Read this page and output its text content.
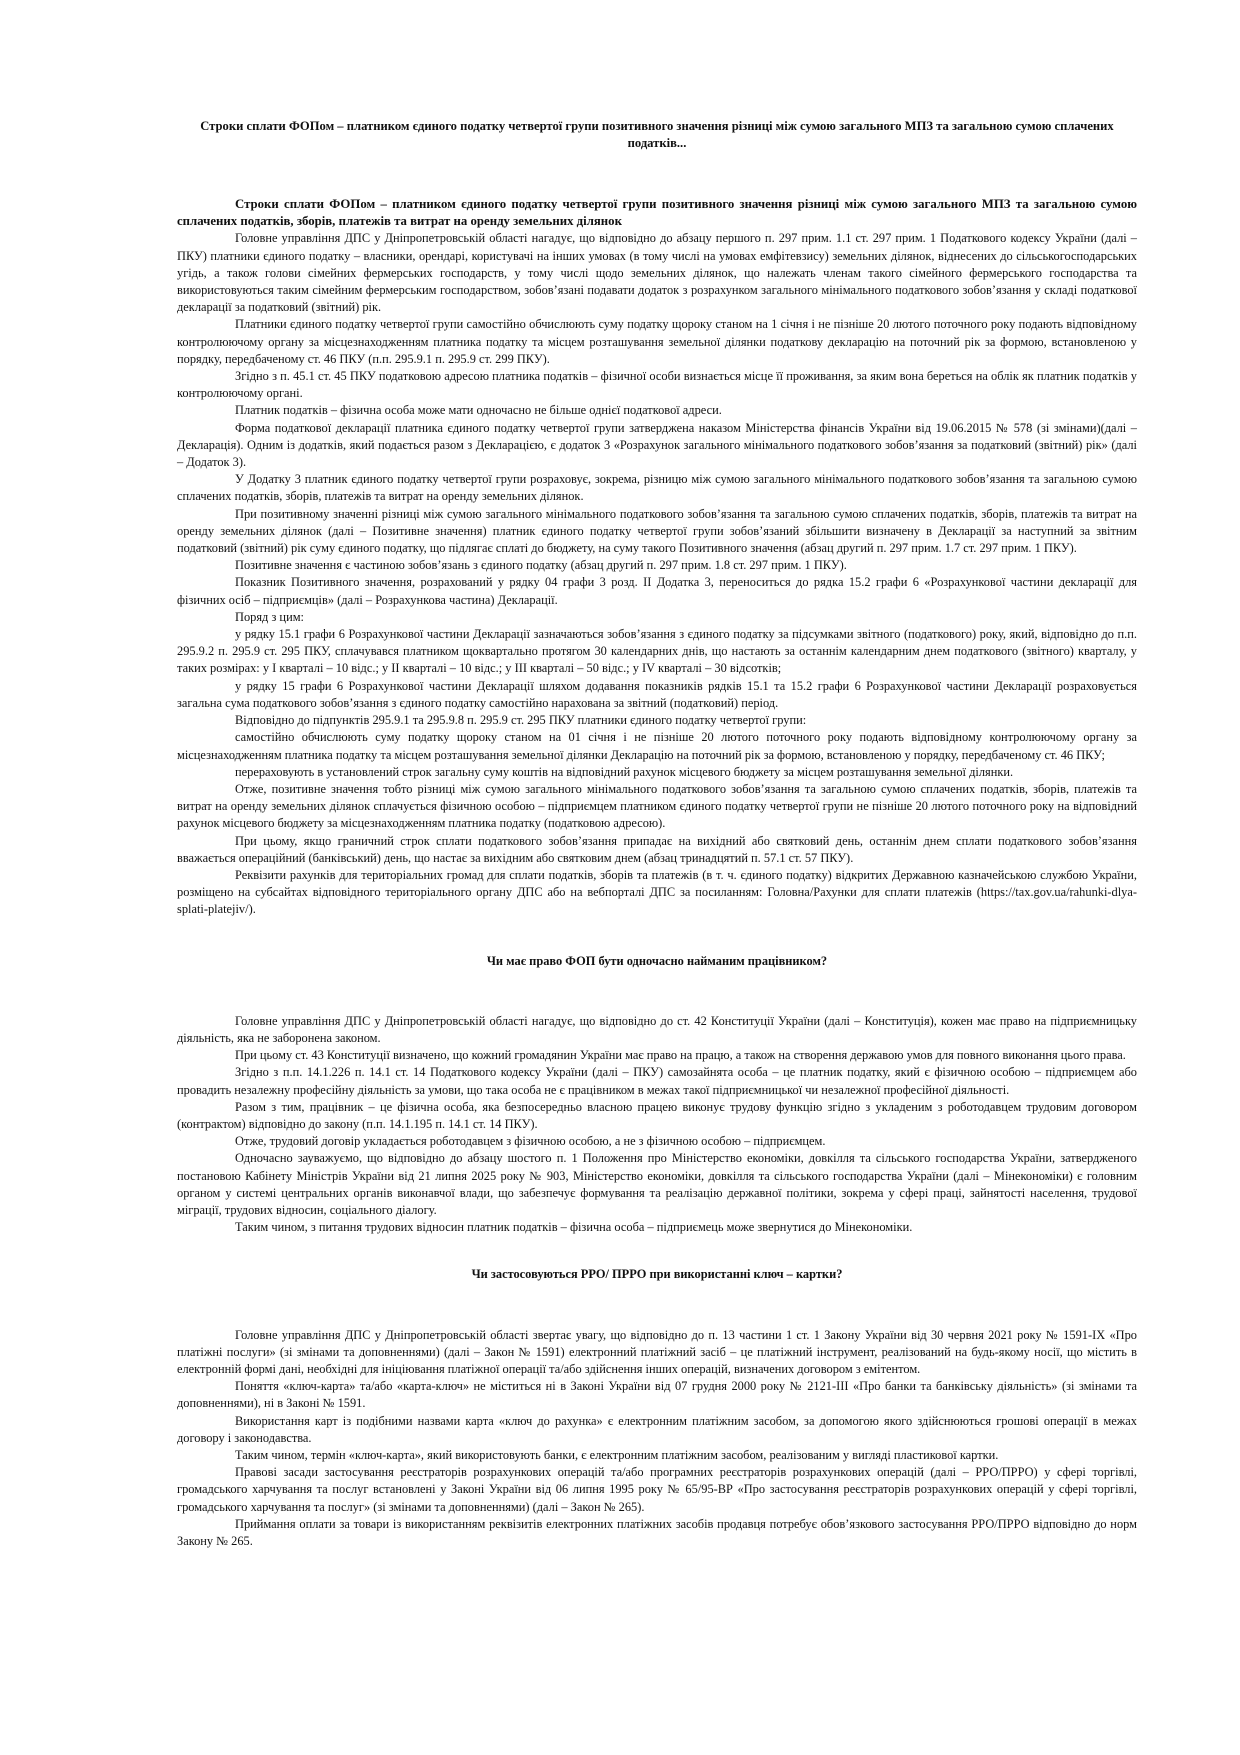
Строки сплати ФОПом – платником єдиного податку четвертої групи позитивного значення різниці між сумою загального МПЗ та загальною сумою сплачених податків...

Строки сплати ФОПом – платником єдиного податку четвертої групи позитивного значення різниці між сумою загального МПЗ та загальною сумою сплачених податків, зборів, платежів та витрат на оренду земельних ділянок

Головне управління ДПС у Дніпропетровській області нагадує, що відповідно до абзацу першого п. 297 прим. 1.1 ст. 297 прим. 1 Податкового кодексу України (далі – ПКУ) платники єдиного податку – власники, орендарі, користувачі на інших умовах (в тому числі на умовах емфітевзису) земельних ділянок, віднесених до сільськогосподарських угідь, а також голови сімейних фермерських господарств, у тому числі щодо земельних ділянок, що належать членам такого сімейного фермерського господарства та використовуються таким сімейним фермерським господарством, зобов’язані подавати додаток з розрахунком загального мінімального податкового зобов’язання у складі податкової декларації за податковий (звітний) рік.

Платники єдиного податку четвертої групи самостійно обчислюють суму податку щороку станом на 1 січня і не пізніше 20 лютого поточного року подають відповідному контролюючому органу за місцезнаходженням платника податку та місцем розташування земельної ділянки податкову декларацію на поточний рік за формою, встановленою у порядку, передбаченому ст. 46 ПКУ (п.п. 295.9.1 п. 295.9 ст. 299 ПКУ).

Згідно з п. 45.1 ст. 45 ПКУ податковою адресою платника податків – фізичної особи визнається місце її проживання, за яким вона береться на облік як платник податків у контролюючому органі.

Платник податків – фізична особа може мати одночасно не більше однієї податкової адреси.

Форма податкової декларації платника єдиного податку четвертої групи затверджена наказом Міністерства фінансів України від 19.06.2015 № 578 (зі змінами)(далі – Декларація). Одним із додатків, який подається разом з Декларацією, є додаток 3 «Розрахунок загального мінімального податкового зобов’язання за податковий (звітний) рік» (далі – Додаток 3).

У Додатку 3 платник єдиного податку четвертої групи розраховує, зокрема, різницю між сумою загального мінімального податкового зобов’язання та загальною сумою сплачених податків, зборів, платежів та витрат на оренду земельних ділянок.

При позитивному значенні різниці між сумою загального мінімального податкового зобов’язання та загальною сумою сплачених податків, зборів, платежів та витрат на оренду земельних ділянок (далі – Позитивне значення) платник єдиного податку четвертої групи зобов’язаний збільшити визначену в Декларації за наступний за звітним податковий (звітний) рік суму єдиного податку, що підлягає сплаті до бюджету, на суму такого Позитивного значення (абзац другий п. 297 прим. 1.7 ст. 297 прим. 1 ПКУ).

Позитивне значення є частиною зобов’язань з єдиного податку (абзац другий п. 297 прим. 1.8 ст. 297 прим. 1 ПКУ).

Показник Позитивного значення, розрахований у рядку 04 графи 3 розд. II Додатка 3, переноситься до рядка 15.2 графи 6 «Розрахункової частини декларації для фізичних осіб – підприємців» (далі – Розрахункова частина) Декларації.

Поряд з цим:

у рядку 15.1 графи 6 Розрахункової частини Декларації зазначаються зобов’язання з єдиного податку за підсумками звітного (податкового) року, який, відповідно до п.п. 295.9.2 п. 295.9 ст. 295 ПКУ, сплачувався платником щоквартально протягом 30 календарних днів, що настають за останнім календарним днем податкового (звітного) кварталу, у таких розмірах: у I кварталі – 10 відс.; у II кварталі – 10 відс.; у III кварталі – 50 відс.; у IV кварталі – 30 відсотків;

у рядку 15 графи 6 Розрахункової частини Декларації шляхом додавання показників рядків 15.1 та 15.2 графи 6 Розрахункової частини Декларації розраховується загальна сума податкового зобов’язання з єдиного податку самостійно нарахована за звітний (податковий) період.

Відповідно до підпунктів 295.9.1 та 295.9.8 п. 295.9 ст. 295 ПКУ платники єдиного податку четвертої групи:

самостійно обчислюють суму податку щороку станом на 01 січня і не пізніше 20 лютого поточного року подають відповідному контролюючому органу за місцезнаходженням платника податку та місцем розташування земельної ділянки Декларацію на поточний рік за формою, встановленою у порядку, передбаченому ст. 46 ПКУ;

перераховують в установлений строк загальну суму коштів на відповідний рахунок місцевого бюджету за місцем розташування земельної ділянки.

Отже, позитивне значення тобто різниці між сумою загального мінімального податкового зобов’язання та загальною сумою сплачених податків, зборів, платежів та витрат на оренду земельних ділянок сплачується фізичною особою – підприємцем платником єдиного податку четвертої групи не пізніше 20 лютого поточного року на відповідний рахунок місцевого бюджету за місцезнаходженням платника податку (податковою адресою).

При цьому, якщо граничний строк сплати податкового зобов’язання припадає на вихідний або святковий день, останнім днем сплати податкового зобов’язання вважається операційний (банківський) день, що настає за вихідним або святковим днем (абзац тринадцятий п. 57.1 ст. 57 ПКУ).

Реквізити рахунків для територіальних громад для сплати податків, зборів та платежів (в т. ч. єдиного податку) відкритих Державною казначейською службою України, розміщено на субсайтах відповідного територіального органу ДПС або на вебпорталі ДПС за посиланням: Головна/Рахунки для сплати платежів (https://tax.gov.ua/rahunki-dlya-splati-platejiv/).

Чи має право ФОП бути одночасно найманим працівником?

Головне управління ДПС у Дніпропетровській області нагадує, що відповідно до ст. 42 Конституції України (далі – Конституція), кожен має право на підприємницьку діяльність, яка не заборонена законом.

При цьому ст. 43 Конституції визначено, що кожний громадянин України має право на працю, а також на створення державою умов для повного виконання цього права.

Згідно з п.п. 14.1.226 п. 14.1 ст. 14 Податкового кодексу України (далі – ПКУ) самозайнята особа – це платник податку, який є фізичною особою – підприємцем або провадить незалежну професійну діяльність за умови, що така особа не є працівником в межах такої підприємницької чи незалежної професійної діяльності.

Разом з тим, працівник – це фізична особа, яка безпосередньо власною працею виконує трудову функцію згідно з укладеним з роботодавцем трудовим договором (контрактом) відповідно до закону (п.п. 14.1.195 п. 14.1 ст. 14 ПКУ).

Отже, трудовий договір укладається роботодавцем з фізичною особою, а не з фізичною особою – підприємцем.

Одночасно зауважуємо, що відповідно до абзацу шостого п. 1 Положення про Міністерство економіки, довкілля та сільського господарства України, затвердженого постановою Кабінету Міністрів України від 21 липня 2025 року № 903, Міністерство економіки, довкілля та сільського господарства України (далі – Мінекономіки) є головним органом у системі центральних органів виконавчої влади, що забезпечує формування та реалізацію державної політики, зокрема у сфері праці, зайнятості населення, трудової міграції, трудових відносин, соціального діалогу.

Таким чином, з питання трудових відносин платник податків – фізична особа – підприємець може звернутися до Мінекономіки.

Чи застосовуються РРО/ ПРРО при використанні ключ – картки?

Головне управління ДПС у Дніпропетровській області звертає увагу, що відповідно до п. 13 частини 1 ст. 1 Закону України від 30 червня 2021 року № 1591-IX «Про платіжні послуги» (зі змінами та доповненнями) (далі – Закон № 1591) електронний платіжний засіб – це платіжний інструмент, реалізований на будь-якому носії, що містить в електронній формі дані, необхідні для ініціювання платіжної операції та/або здійснення інших операцій, визначених договором з емітентом.

Поняття «ключ-карта» та/або «карта-ключ» не міститься ні в Законі України від 07 грудня 2000 року № 2121-III «Про банки та банківську діяльність» (зі змінами та доповненнями), ні в Законі № 1591.

Використання карт із подібними назвами карта «ключ до рахунка» є електронним платіжним засобом, за допомогою якого здійснюються грошові операції в межах договору і законодавства.

Таким чином, термін «ключ-карта», який використовують банки, є електронним платіжним засобом, реалізованим у вигляді пластикової картки.

Правові засади застосування реєстраторів розрахункових операцій та/або програмних реєстраторів розрахункових операцій (далі – РРО/ПРРО) у сфері торгівлі, громадського харчування та послуг встановлені у Законі України від 06 липня 1995 року № 65/95-ВР «Про застосування реєстраторів розрахункових операцій у сфері торгівлі, громадського харчування та послуг» (зі змінами та доповненнями) (далі – Закон № 265).

Приймання оплати за товари із використанням реквізитів електронних платіжних засобів продавця потребує обов’язкового застосування РРО/ПРРО відповідно до норм Закону № 265.
